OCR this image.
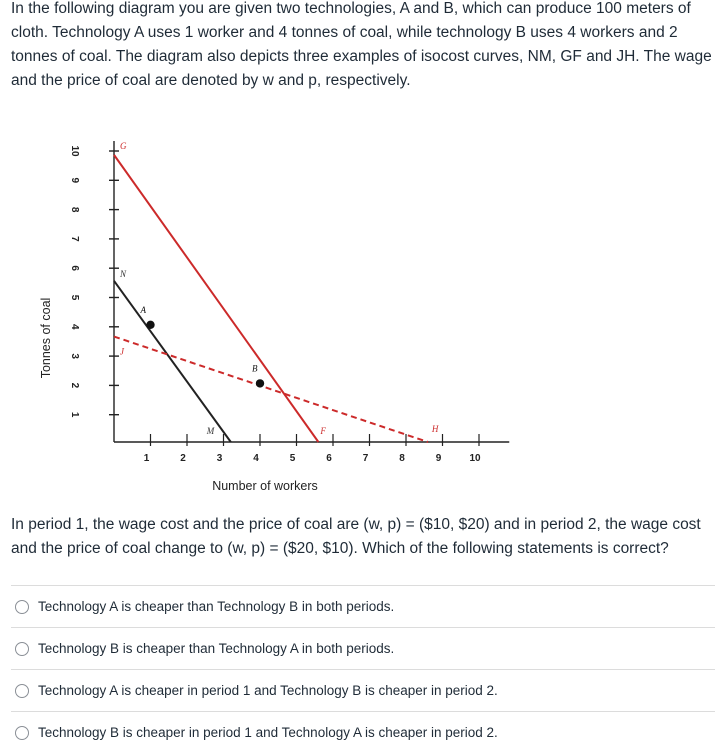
In the following diagram you are given two technologies, A and B, which can produce 100 meters of cloth. Technology A uses 1 worker and 4 tonnes of coal, while technology B uses 4 workers and 2 tonnes of coal. The diagram also depicts three examples of isocost curves, NM, GF and JH. The wage and the price of coal are denoted by w and p, respectively.

1
2
3
4
5
6
7
8
9
10
1	2	3	4	5	6	7	8	9	10
A
B
G
N
J
M	F	H
Tonnes of coal
Number of workers

In period 1, the wage cost and the price of coal are (w, p) = ($10, $20) and in period 2, the wage cost and the price of coal change to (w, p) = ($20, $10). Which of the following statements is correct?

Technology A is cheaper than Technology B in both periods.
Technology B is cheaper than Technology A in both periods.
Technology A is cheaper in period 1 and Technology B is cheaper in period 2.
Technology B is cheaper in period 1 and Technology A is cheaper in period 2.
